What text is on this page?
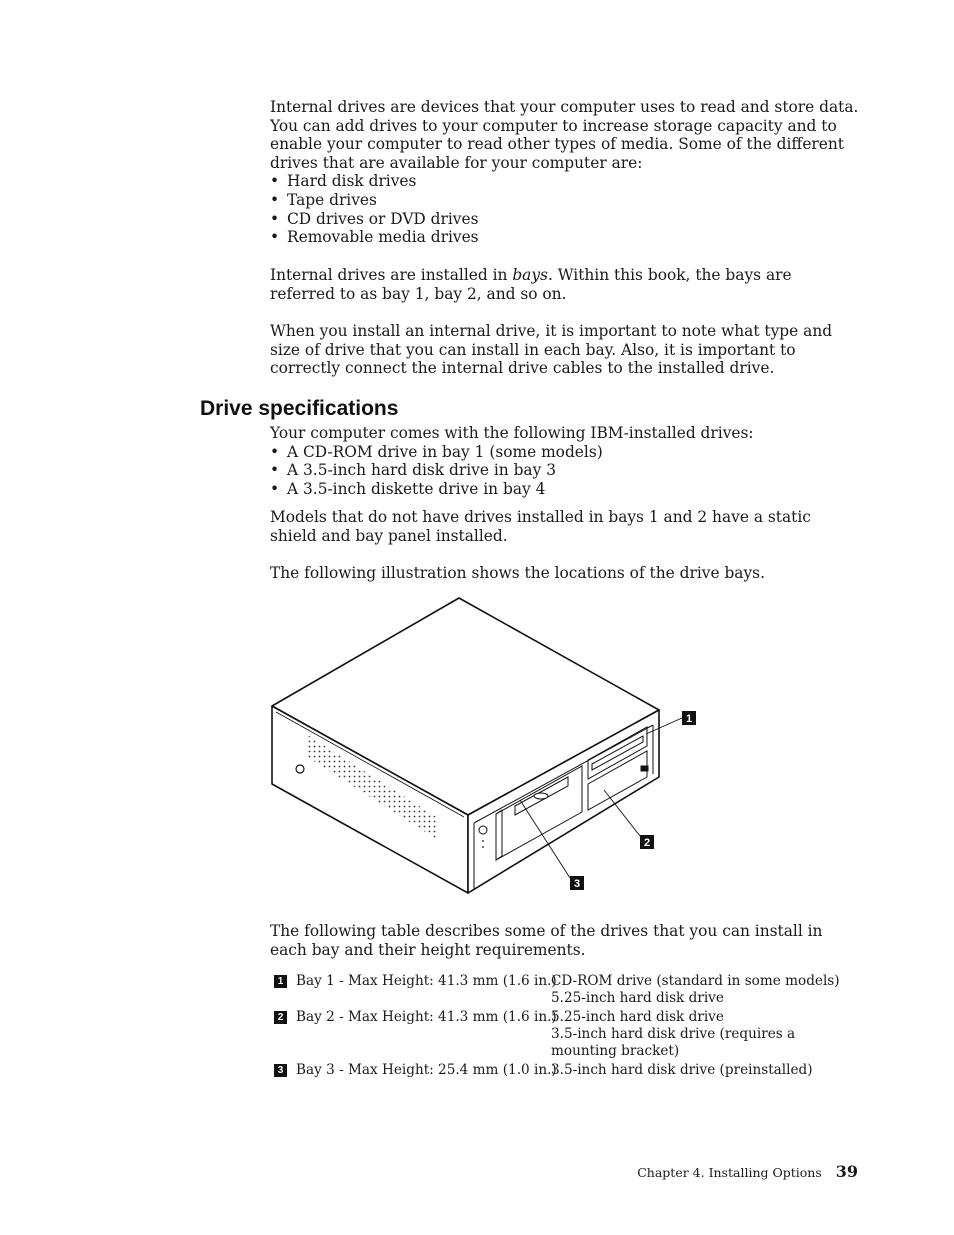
Internal drives are devices that your computer uses to read and store data. You can add drives to your computer to increase storage capacity and to enable your computer to read other types of media. Some of the different drives that are available for your computer are:

• Hard disk drives
• Tape drives
• CD drives or DVD drives
• Removable media drives

Internal drives are installed in bays. Within this book, the bays are referred to as bay 1, bay 2, and so on.

When you install an internal drive, it is important to note what type and size of drive that you can install in each bay. Also, it is important to correctly connect the internal drive cables to the installed drive.

Drive specifications

Your computer comes with the following IBM-installed drives:

• A CD-ROM drive in bay 1 (some models)
• A 3.5-inch hard disk drive in bay 3
• A 3.5-inch diskette drive in bay 4

Models that do not have drives installed in bays 1 and 2 have a static shield and bay panel installed.

The following illustration shows the locations of the drive bays.

1
2
3

The following table describes some of the drives that you can install in each bay and their height requirements.

1 Bay 1 - Max Height: 41.3 mm (1.6 in.)
CD-ROM drive (standard in some models)
5.25-inch hard disk drive
2 Bay 2 - Max Height: 41.3 mm (1.6 in.)
5.25-inch hard disk drive
3.5-inch hard disk drive (requires a mounting bracket)
3 Bay 3 - Max Height: 25.4 mm (1.0 in.)
3.5-inch hard disk drive (preinstalled)
Chapter 4. Installing Options 39
